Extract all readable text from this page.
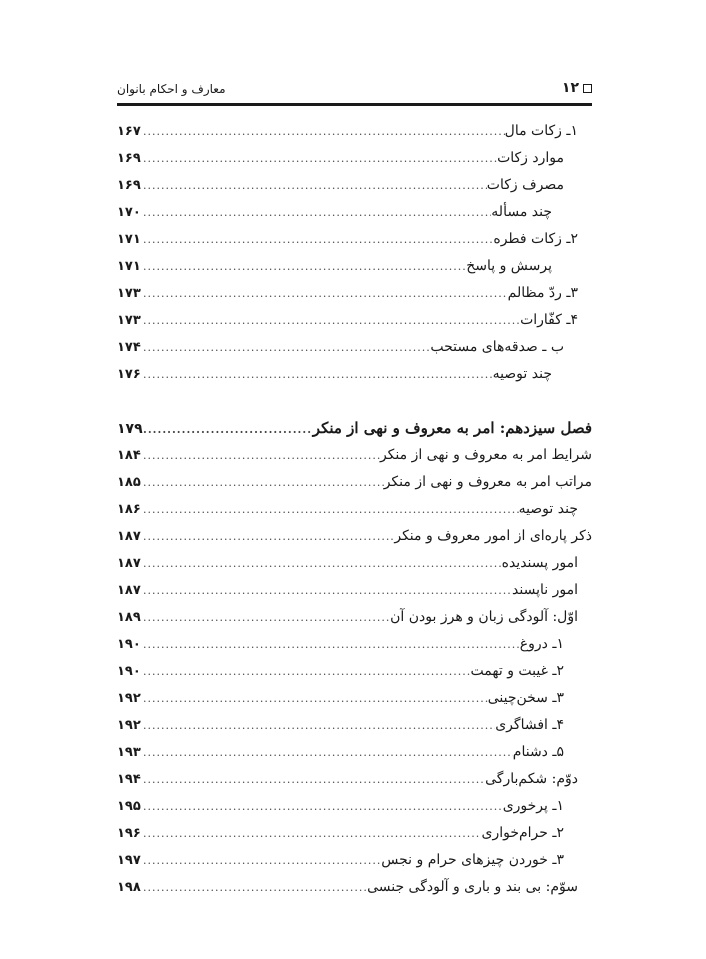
معارف و احکام بانوان	۱۲
۱ـ زکات مال
.....
۱۶۷
موارد زکات
.....
۱۶۹
مصرف زکات
.....
۱۶۹
چند مسأله
.....
۱۷۰
۲ـ زکات فطره
.....
۱۷۱
پرسش و پاسخ
.....
۱۷۱
۳ـ ردّ مظالم
.....
۱۷۳
۴ـ کفّارات
.....
۱۷۳
ب ـ صدقه‌های مستحب
.....
۱۷۴
چند توصیه
.....
۱۷۶
فصل سیزدهم: امر به معروف و نهی از منکر
.....
۱۷۹
شرایط امر به معروف و نهی از منکر
.....
۱۸۴
مراتب امر به معروف و نهی از منکر
.....
۱۸۵
چند توصیه
.....
۱۸۶
ذکر پاره‌ای از امور معروف و منکر
.....
۱۸۷
امور پسندیده
.....
۱۸۷
امور ناپسند
.....
۱۸۷
اوّل: آلودگی زبان و هرز بودن آن
.....
۱۸۹
۱ـ دروغ
.....
۱۹۰
۲ـ غیبت و تهمت
.....
۱۹۰
۳ـ سخن‌چینی
.....
۱۹۲
۴ـ افشاگری
.....
۱۹۲
۵ـ دشنام
.....
۱۹۳
دوّم: شکم‌بارگی
.....
۱۹۴
۱ـ پرخوری
.....
۱۹۵
۲ـ حرام‌خواری
.....
۱۹۶
۳ـ خوردن چیزهای حرام و نجس
.....
۱۹۷
سوّم: بی بند و باری و آلودگی جنسی
.....
۱۹۸
